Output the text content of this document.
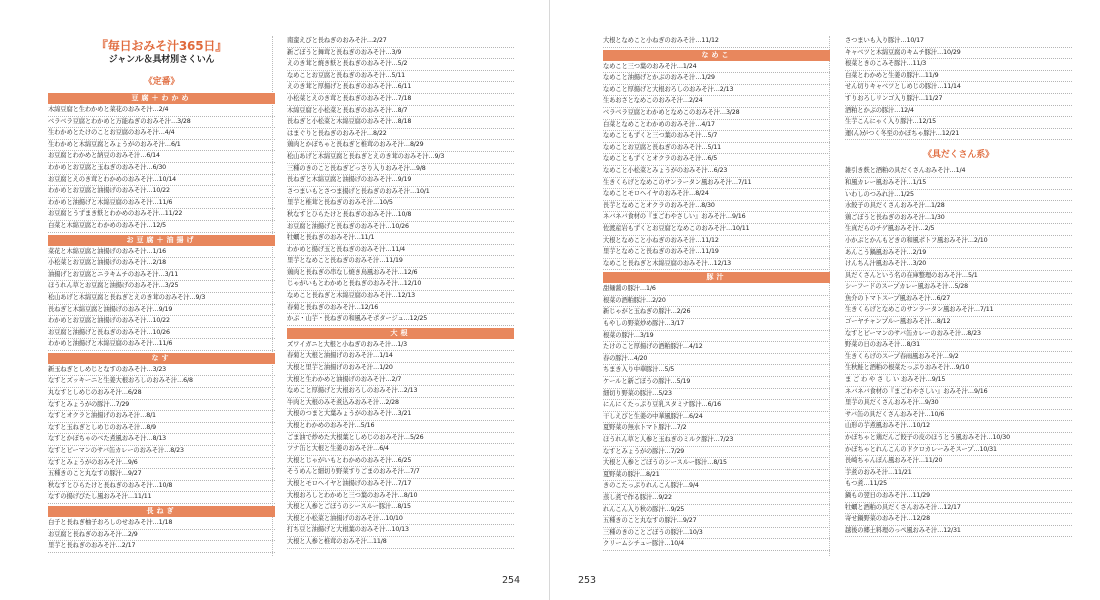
『毎日おみそ汁365日』
ジャンル＆具材別さくいん
《定番》
豆腐＋わかめ
木綿豆腐と生わかめと菜花のおみそ汁…2/4
ベラベラ豆腐とわかめと万能ねぎのおみそ汁…3/28
生わかめとたけのことお豆腐のおみそ汁…4/4
生わかめと木綿豆腐とみょうがのおみそ汁…6/1
お豆腐とわかめと納豆のおみそ汁…6/14
わかめとお豆腐と玉ねぎのおみそ汁…6/30
お豆腐とえのき茸とわかめのおみそ汁…10/14
わかめとお豆腐と油揚げのおみそ汁…10/22
わかめと油揚げと木綿豆腐のおみそ汁…11/6
お豆腐とうずまき麩とわかめのおみそ汁…11/22
白菜と木綿豆腐とわかめのおみそ汁…12/5
お豆腐＋油揚げ
菜花と木綿豆腐と油揚げのおみそ汁…1/16
小松菜とお豆腐と油揚げのおみそ汁…2/18
油揚げとお豆腐とニラキムチのおみそ汁…3/11
ほうれん草とお豆腐と油揚げのおみそ汁…3/25
松山あげと木綿豆腐と長ねぎとえのき茸のおみそ汁…9/3
長ねぎと木綿豆腐と油揚げのおみそ汁…9/19
わかめとお豆腐と油揚げのおみそ汁…10/22
お豆腐と油揚げと長ねぎのおみそ汁…10/26
わかめと油揚げと木綿豆腐のおみそ汁…11/6
なす
新玉ねぎとしめじとなすのおみそ汁…3/23
なすとズッキーニと生姜大根おろしのおみそ汁…6/8
丸なすとしめじのおみそ汁…6/28
なすとみょうがの豚汁…7/29
なすとオクラと油揚げのおみそ汁…8/1
なすと玉ねぎとしめじのおみそ汁…8/9
なすとかぼちゃのべた煮風おみそ汁…8/13
なすとピーマンのサバ缶カレーのおみそ汁…8/23
なすとみょうがのおみそ汁…9/6
五種きのこと丸なすの豚汁…9/27
秋なすとひらたけと長ねぎのおみそ汁…10/8
なすの揚げびたし風おみそ汁…11/11
長ねぎ
白子と長ねぎ柚子おろしのせおみそ汁…1/18
お豆腐と長ねぎのおみそ汁…2/9
里芋と長ねぎのおみそ汁…2/17
南蛮えびと長ねぎのおみそ汁…2/27
新ごぼうと舞茸と長ねぎのおみそ汁…3/9
えのき茸と焼き麩と長ねぎのおみそ汁…5/2
なめことお豆腐と長ねぎのおみそ汁…5/11
えのき茸と厚揚げと長ねぎのおみそ汁…6/11
小松菜とえのき茸と長ねぎのおみそ汁…7/18
木綿豆腐と小松菜と長ねぎのおみそ汁…8/7
長ねぎと小松菜と木綿豆腐のおみそ汁…8/18
はまぐりと長ねぎのおみそ汁…8/22
鶏肉とかぼちゃと長ねぎと椎茸のおみそ汁…8/29
松山あげと木綿豆腐と長ねぎとえのき茸のおみそ汁…9/3
三種のきのこと長ねぎどっさり入りおみそ汁…9/8
長ねぎと木綿豆腐と油揚げのおみそ汁…9/19
さつまいもとさつま揚げと長ねぎのおみそ汁…10/1
里芋と椎茸と長ねぎのおみそ汁…10/5
秋なすとひらたけと長ねぎのおみそ汁…10/8
お豆腐と油揚げと長ねぎのおみそ汁…10/26
牡蠣と長ねぎのおみそ汁…11/1
わかめと揚げ玉と長ねぎのおみそ汁…11/4
里芋となめこと長ねぎのおみそ汁…11/19
鶏肉と長ねぎの串なし焼き鳥風おみそ汁…12/6
じゃがいもとわかめと長ねぎのおみそ汁…12/10
なめこと長ねぎと木綿豆腐のおみそ汁…12/13
春菊と長ねぎのおみそ汁…12/16
かぶ・山芋・長ねぎの和風みそポタージュ…12/25
大根
ズワイガニと大根と小ねぎのおみそ汁…1/3
春菊と大根と油揚げのおみそ汁…1/14
大根と里芋と油揚げのおみそ汁…1/20
大根と生わかめと油揚げのおみそ汁…2/7
なめこと厚揚げと大根おろしのおみそ汁…2/13
牛肉と大根のみそ煮込みおみそ汁…2/28
大根のつまと大葉みょうがのおみそ汁…3/21
大根とわかめのおみそ汁…5/16
ごま油で炒めた大根葉としめじのおみそ汁…5/26
ツナ缶と大根と生姜のおみそ汁…6/4
大根とじゃがいもとわかめのおみそ汁…6/25
そうめんと細切り野菜すりごまのおみそ汁…7/7
大根とモロヘイヤと油揚げのおみそ汁…7/17
大根おろしとわかめと三つ葉のおみそ汁…8/10
大根と人参とごぼうのシースルー豚汁…8/15
大根と小松菜と油揚げのおみそ汁…10/10
打ち豆と油揚げと大根葉のおみそ汁…10/13
大根と人参と椎茸のおみそ汁…11/8
大根となめこと小ねぎのおみそ汁…11/12
なめこ
なめこと三つ葉のおみそ汁…1/24
なめこと油揚げとかぶのおみそ汁…1/29
なめこと厚揚げと大根おろしのおみそ汁…2/13
生あおさとなめこのおみそ汁…2/24
ベラベラ豆腐とわかめとなめこのおみそ汁…3/28
白菜となめことわかめのおみそ汁…4/17
なめこともずくと三つ葉のおみそ汁…5/7
なめことお豆腐と長ねぎのおみそ汁…5/11
なめこともずくとオクラのおみそ汁…6/5
なめこと小松菜とみょうがのおみそ汁…6/23
生きくらげとなめこのサンラータン風おみそ汁…7/11
なめことモロヘイヤのおみそ汁…8/24
長芋となめことオクラのおみそ汁…8/30
ネバネバ食材の『まごわやさしい』おみそ汁…9/16
佐渡産岩もずくとお豆腐となめこのおみそ汁…10/11
大根となめこと小ねぎのおみそ汁…11/12
里芋となめこと長ねぎのおみそ汁…11/19
なめこと長ねぎと木綿豆腐のおみそ汁…12/13
豚汁
甜麺醤の豚汁…1/6
根菜の酒粕豚汁…2/20
新じゃがと玉ねぎの豚汁…2/26
もやしの野菜炒め豚汁…3/17
根菜の豚汁…3/19
たけのこと厚揚げの酒粕豚汁…4/12
春の豚汁…4/20
ちまき入り中華豚汁…5/5
ケールと新ごぼうの豚汁…5/19
細切り野菜の豚汁…5/23
にんにくたっぷり豆乳スタミナ豚汁…6/16
干しえびと生姜の中華風豚汁…6/24
夏野菜の無水トマト豚汁…7/2
ほうれん草と人参と玉ねぎのミルク豚汁…7/23
なすとみょうがの豚汁…7/29
大根と人参とごぼうのシースルー豚汁…8/15
夏野菜の豚汁…8/21
きのこたっぷりれんこん豚汁…9/4
蒸し煮で作る豚汁…9/22
れんこん入り秋の豚汁…9/25
五種きのこと丸なすの豚汁…9/27
三種のきのことごぼうの豚汁…10/3
クリームシチュー豚汁…10/4
さつまいも入り豚汁…10/17
キャベツと木綿豆腐のキムチ豚汁…10/29
根菜ときのこみそ豚汁…11/3
白菜とわかめと生姜の豚汁…11/9
せん切りキャベツとしめじの豚汁…11/14
すりおろしリンゴ入り豚汁…11/27
酒粕とかぶの豚汁…12/4
生芋こんにゃく入り豚汁…12/15
運(ん)がつく冬至のかぼちゃ豚汁…12/21
《具だくさん系》
雑引き麩と酒粕の具だくさんおみそ汁…1/4
和風カレー風おみそ汁…1/15
いわしのつみれ汁…1/25
水餃子の具だくさんおみそ汁…1/28
鶏ごぼうと長ねぎのおみそ汁…1/30
生真だらのチゲ風おみそ汁…2/5
小かぶとかんもどきの和風ポトフ風おみそ汁…2/10
あんこう鍋風おみそ汁…2/19
けんちん汁風おみそ汁…3/20
具だくさんという名の在庫整理のおみそ汁…5/1
シーフードのスープカレー風おみそ汁…5/28
魚介のトマトスープ風おみそ汁…6/27
生きくらげとなめこのサンラータン風おみそ汁…7/11
ゴーヤチャンプルー風おみそ汁…8/12
なすとピーマンのサバ缶カレーのおみそ汁…8/23
野菜の日のおみそ汁…8/31
生きくらげのスープ春雨風おみそ汁…9/2
生秋鮭と酒粕の根菜たっぷりおみそ汁…9/10
ま ご わ や さ し い おみそ汁…9/15
ネバネバ食材の『まごわやさしい』おみそ汁…9/16
里芋の具だくさんおみそ汁…9/30
サバ缶の具だくさんおみそ汁…10/6
山形の芋煮風おみそ汁…10/12
かぼちゃと鶏だんご餃子の皮のほうとう風おみそ汁…10/30
かぼちゃとれんこんのドクロカレーみそスープ…10/31
長崎ちゃんぽん風おみそ汁…11/20
芋煮のおみそ汁…11/21
もつ煮…11/25
鍋もの翌日のおみそ汁…11/29
牡蠣と酒粕の具だくさんおみそ汁…12/17
寄せ鍋野菜のおみそ汁…12/28
越後の郷土料理のっぺ風おみそ汁…12/31
254	253
